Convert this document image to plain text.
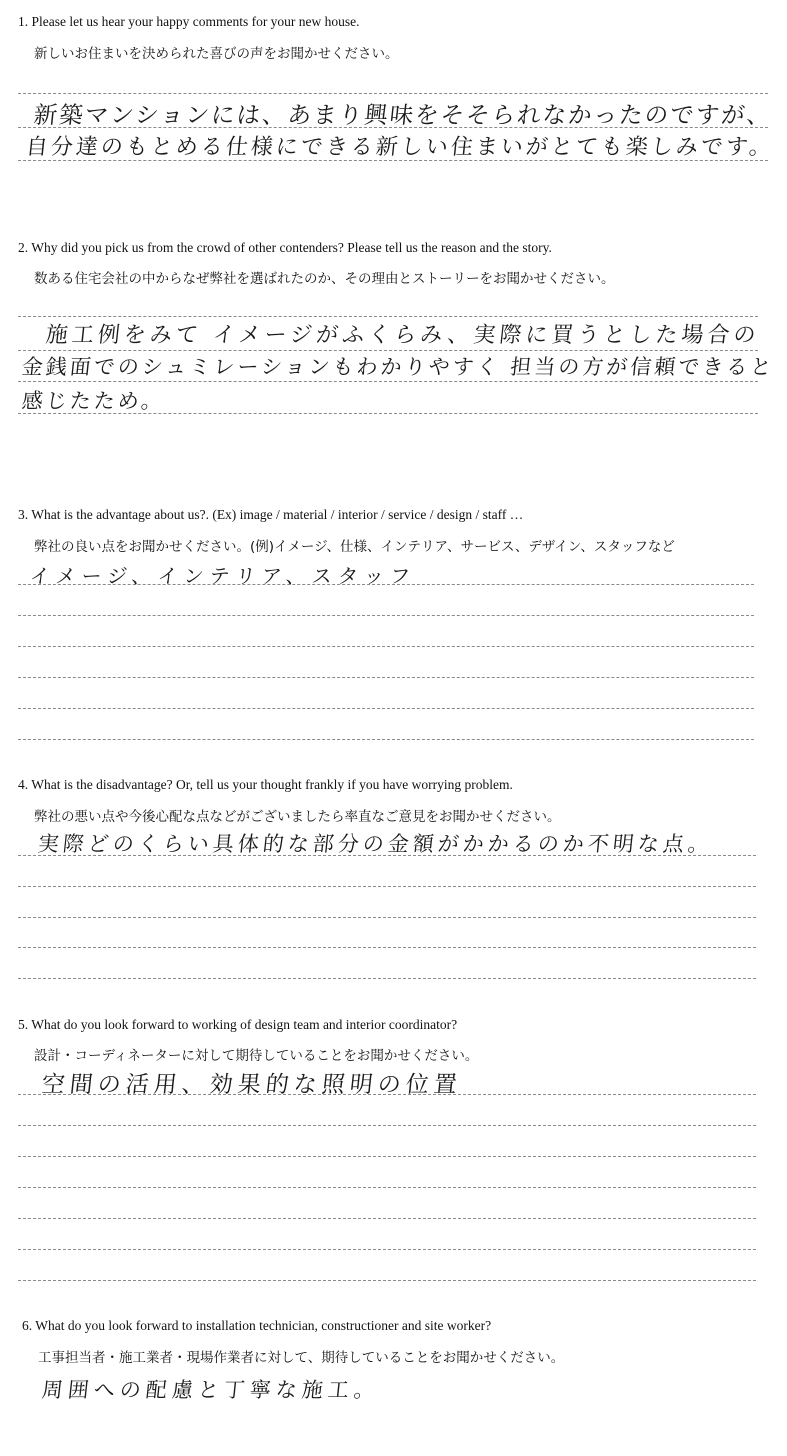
1. Please let us hear your happy comments for your new house.
新しいお住まいを決められた喜びの声をお聞かせください。
新築マンションには、あまり興味をそそられなかったのですが、
自分達のもとめる仕様にできる新しい住まいがとても楽しみです。
2. Why did you pick us from the crowd of other contenders? Please tell us the reason and the story.
数ある住宅会社の中からなぜ弊社を選ばれたのか、その理由とストーリーをお聞かせください。
施工例をみて イメージがふくらみ、実際に買うとした場合の
金銭面でのシュミレーションもわかりやすく 担当の方が信頼できると
感じたため。
3. What is the advantage about us?. (Ex) image / material / interior / service / design / staff …
弊社の良い点をお聞かせください。(例)イメージ、仕様、インテリア、サービス、デザイン、スタッフなど
イメージ、インテリア、スタッフ
4. What is the disadvantage? Or, tell us your thought frankly if you have worrying problem.
弊社の悪い点や今後心配な点などがございましたら率直なご意見をお聞かせください。
実際どのくらい具体的な部分の金額がかかるのか不明な点。
5. What do you look forward to working of design team and interior coordinator?
設計・コーディネーターに対して期待していることをお聞かせください。
空間の活用、効果的な照明の位置
6. What do you look forward to installation technician, constructioner and site worker?
工事担当者・施工業者・現場作業者に対して、期待していることをお聞かせください。
周囲への配慮と丁寧な施工。
